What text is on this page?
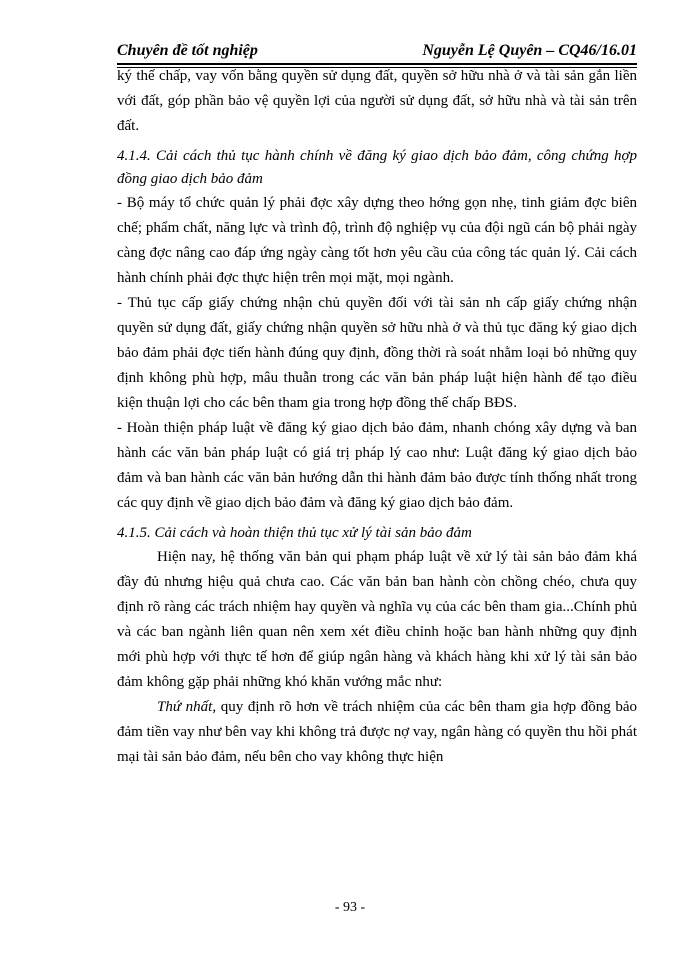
Chuyên đề tốt nghiệp	Nguyễn Lệ Quyên – CQ46/16.01

ký thế chấp, vay vốn bằng quyền sử dụng đất, quyền sở hữu nhà ở và tài sản gắn liền với đất, góp phần bảo vệ quyền lợi của người sử dụng đất, sở hữu nhà và tài sản trên đất.

4.1.4. Cải cách thủ tục hành chính về đăng ký giao dịch bảo đảm, công chứng hợp đồng giao dịch bảo đảm

- Bộ máy tổ chức quản lý phải đợc xây dựng theo hớng gọn nhẹ, tinh giảm đợc biên chế; phẩm chất, năng lực và trình độ, trình độ nghiệp vụ của đội ngũ cán bộ phải ngày càng đợc nâng cao đáp ứng ngày càng tốt hơn yêu cầu của công tác quản lý. Cải cách hành chính phải đợc thực hiện trên mọi mặt, mọi ngành.

- Thủ tục cấp giấy chứng nhận chủ quyền đối với tài sản nh cấp giấy chứng nhận quyền sử dụng đất, giấy chứng nhận quyền sở hữu nhà ở và thủ tục đăng ký giao dịch bảo đảm phải đợc tiến hành đúng quy định, đồng thời rà soát nhằm loại bỏ những quy định không phù hợp, mâu thuẫn trong các văn bản pháp luật hiện hành để tạo điều kiện thuận lợi cho các bên tham gia trong hợp đồng thế chấp BĐS.

- Hoàn thiện pháp luật về đăng ký giao dịch bảo đảm, nhanh chóng xây dựng và ban hành các văn bản pháp luật có giá trị pháp lý cao như: Luật đăng ký giao dịch bảo đảm và ban hành các văn bản hướng dẫn thi hành đảm bảo được tính thống nhất trong các quy định về giao dịch bảo đảm và đăng ký giao dịch bảo đảm.

4.1.5. Cải cách và hoàn thiện thủ tục xử lý tài sản bảo đảm

Hiện nay, hệ thống văn bản qui phạm pháp luật về xử lý tài sản bảo đảm khá đầy đủ nhưng hiệu quả chưa cao. Các văn bản ban hành còn chồng chéo, chưa quy định rõ ràng các trách nhiệm hay quyền và nghĩa vụ của các bên tham gia...Chính phủ và các ban ngành liên quan nên xem xét điều chỉnh hoặc ban hành những quy định mới phù hợp với thực tế hơn để giúp ngân hàng và khách hàng khi xử lý tài sản bảo đảm không gặp phải những khó khăn vướng mắc như:

Thứ nhất, quy định rõ hơn về trách nhiệm của các bên tham gia hợp đồng bảo đảm tiền vay như bên vay khi không trả được nợ vay, ngân hàng có quyền thu hồi phát mại tài sản bảo đảm, nếu bên cho vay không thực hiện

- 93 -
